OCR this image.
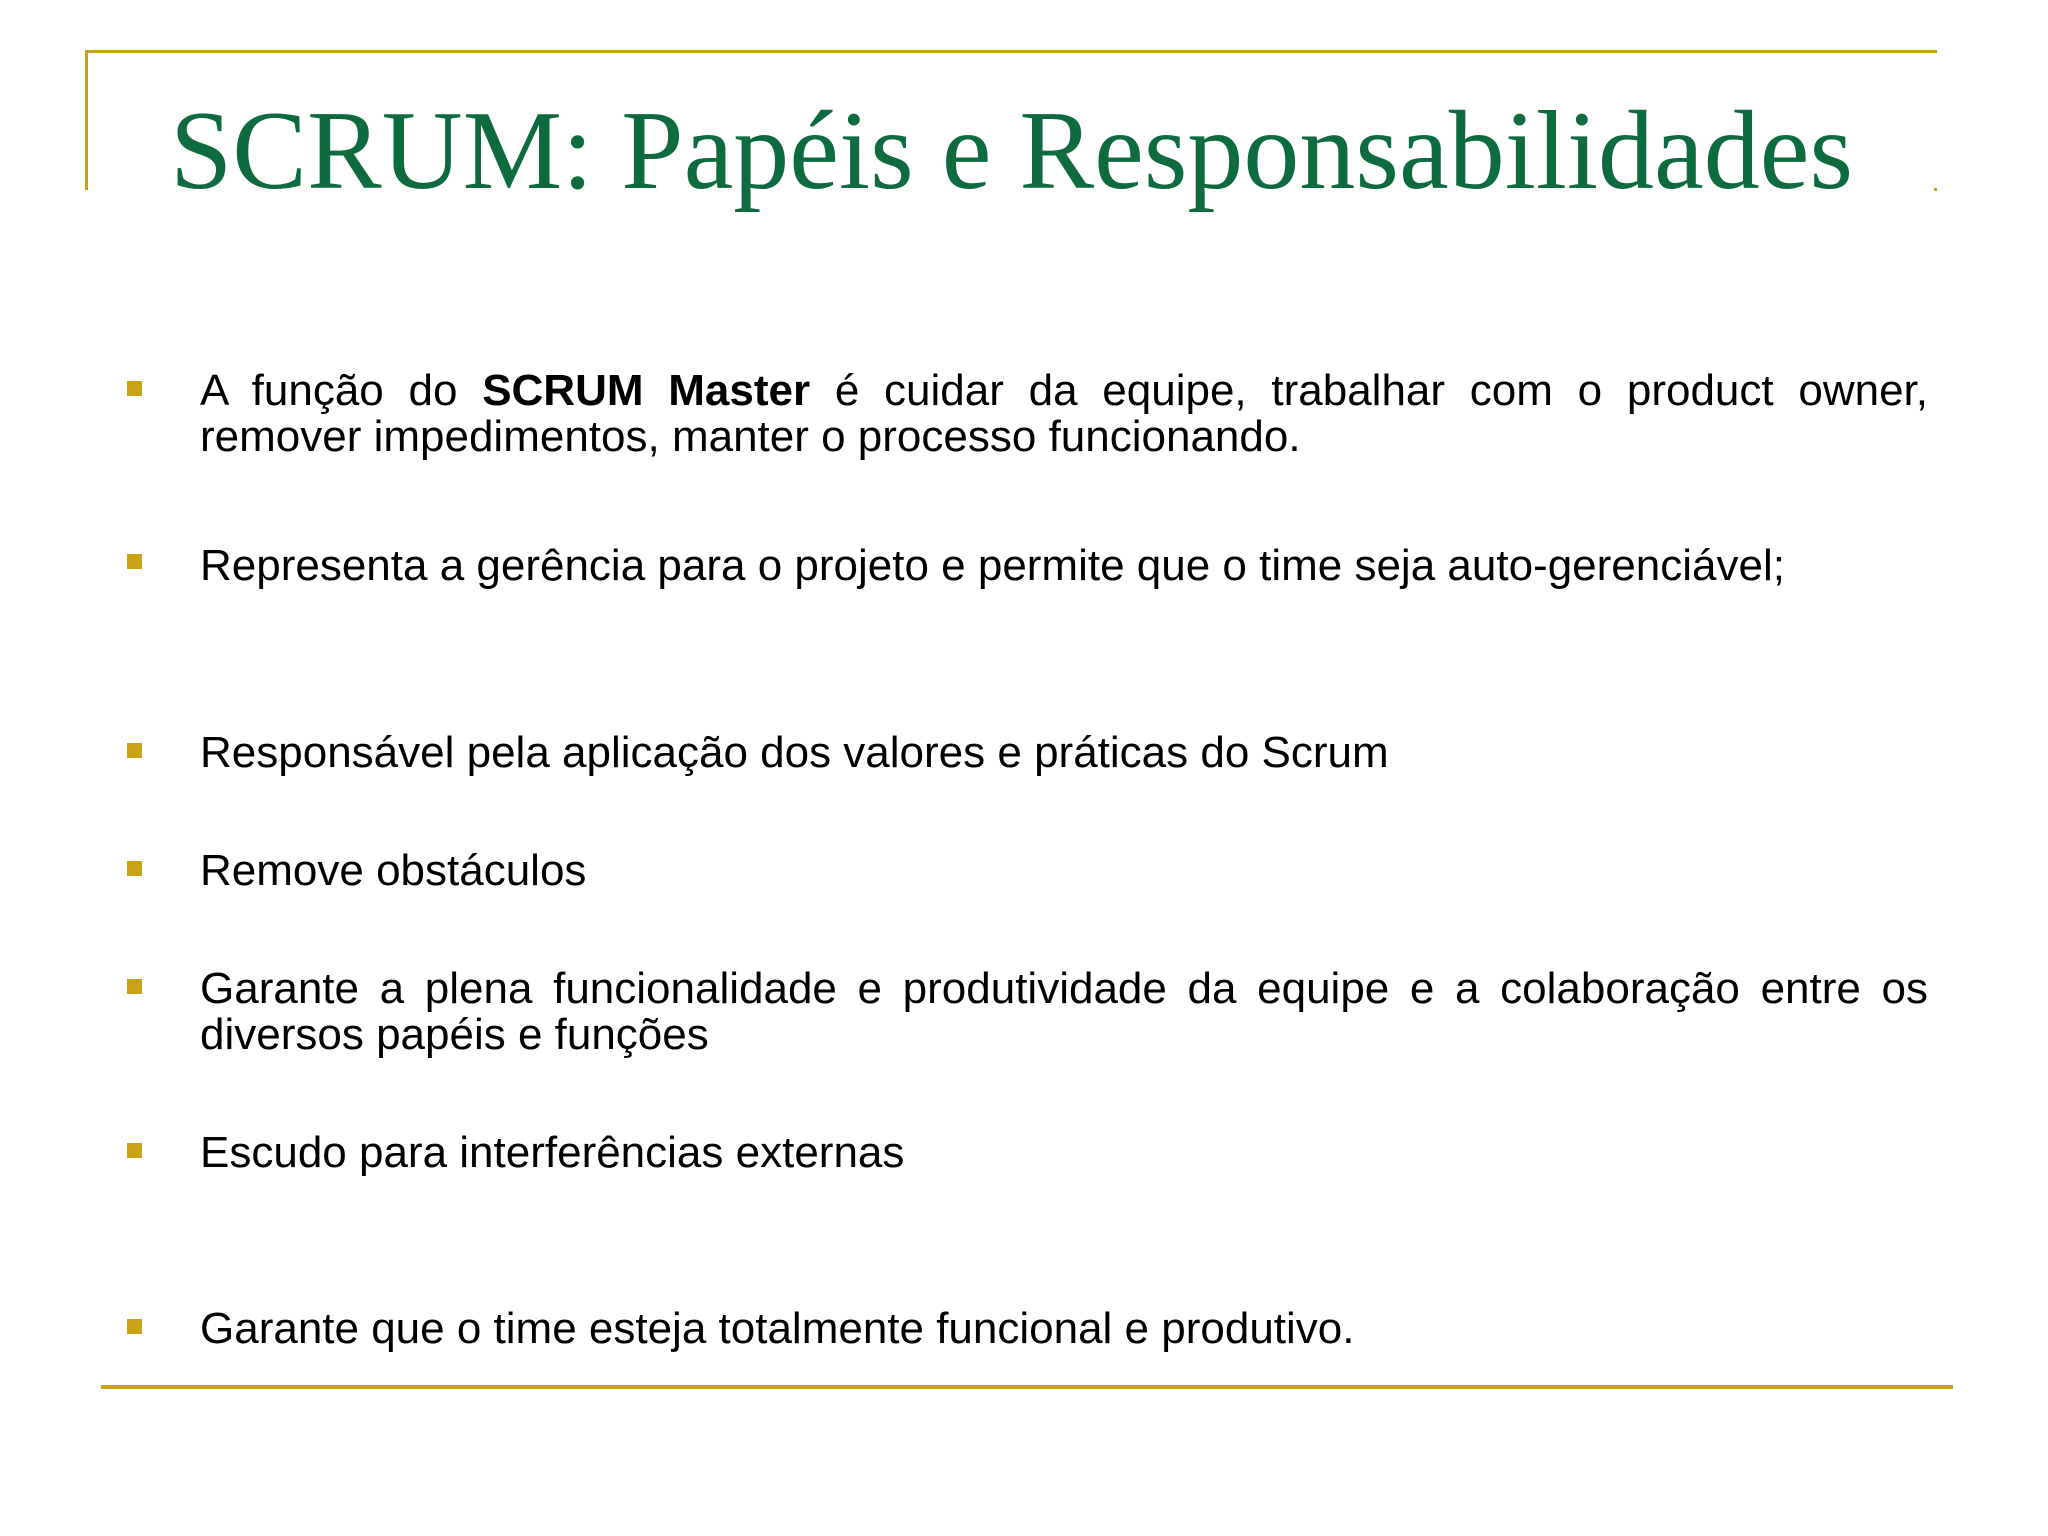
SCRUM: Papéis e Responsabilidades
A função do SCRUM Master é cuidar da equipe, trabalhar com o product owner, remover impedimentos, manter o processo funcionando.
Representa a gerência para o projeto e permite que o time seja auto-gerenciável;
Responsável pela aplicação dos valores e práticas do Scrum
Remove obstáculos
Garante a plena funcionalidade e produtividade da equipe e a colaboração entre os diversos papéis e funções
Escudo para interferências externas
Garante que o time esteja totalmente funcional e produtivo.
